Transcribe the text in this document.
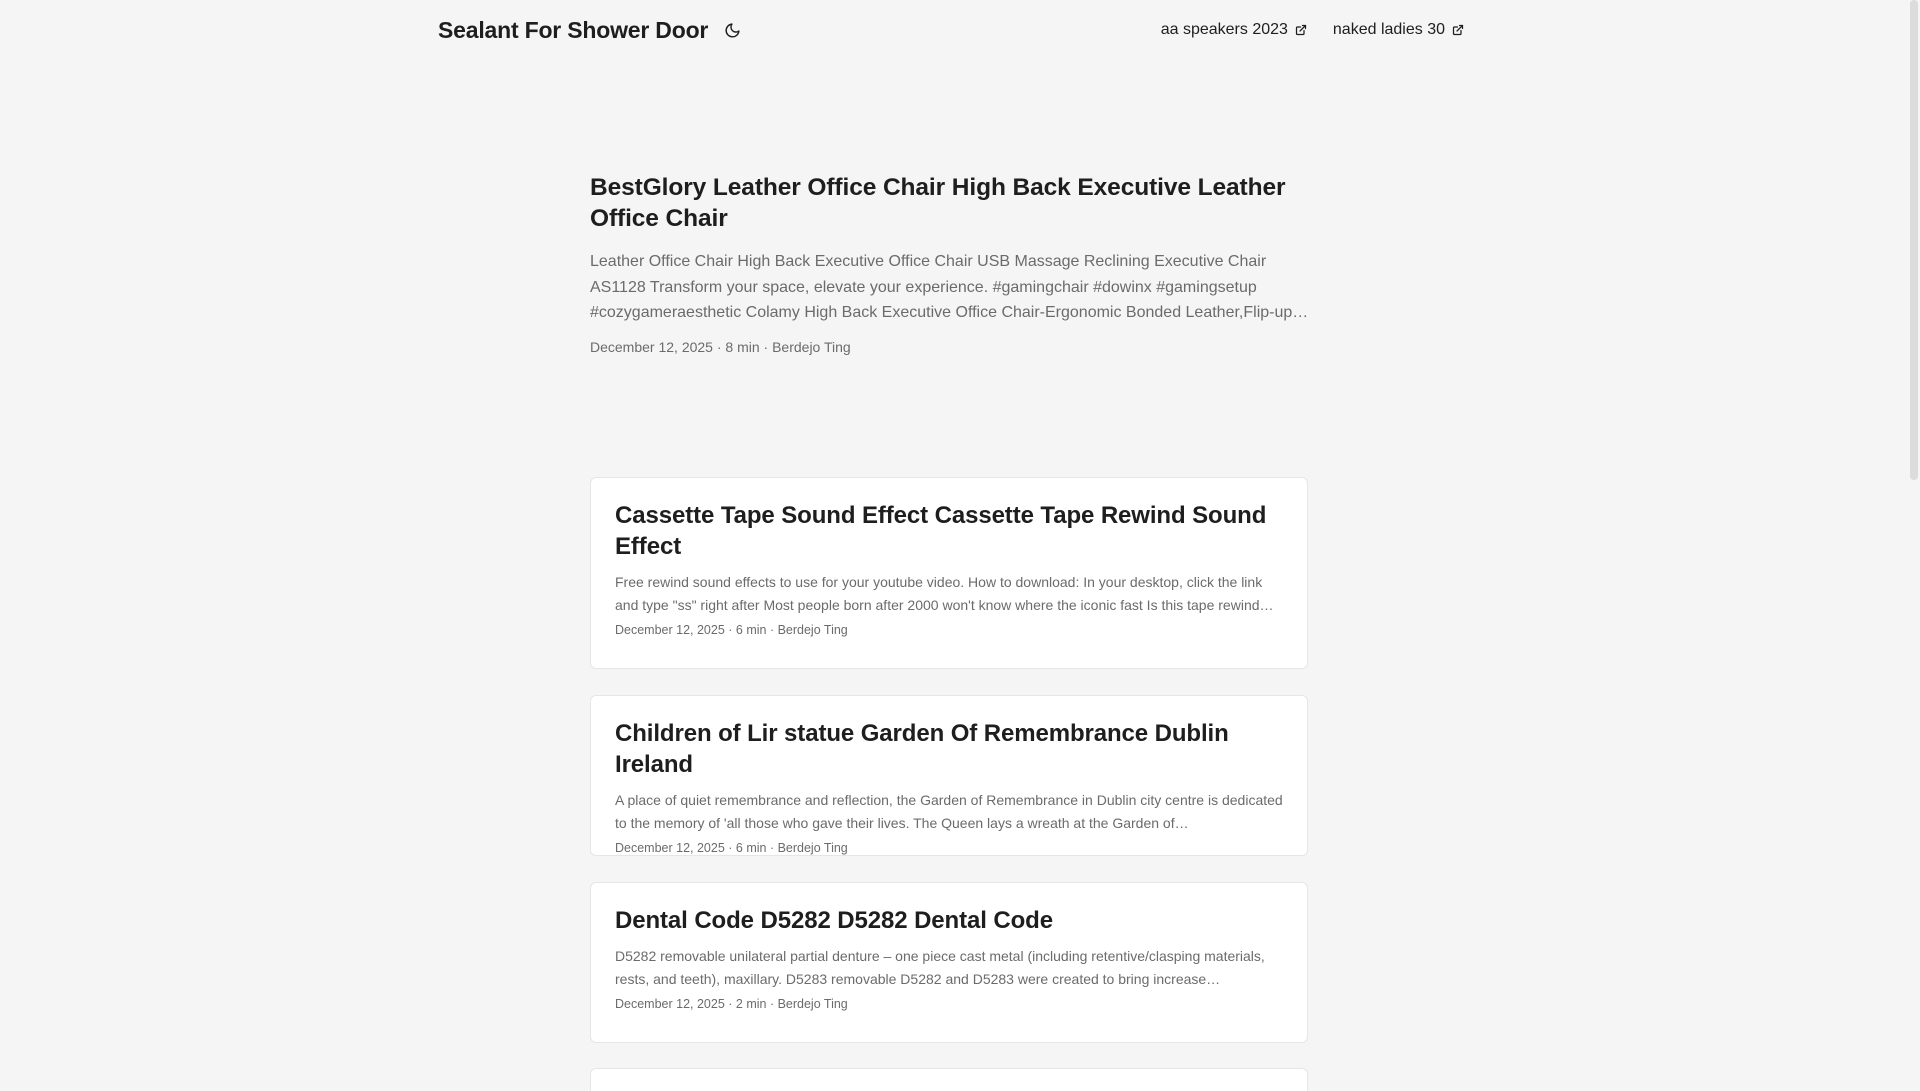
Sealant For Shower Door	aa speakers 2023	naked ladies 30
BestGlory Leather Office Chair High Back Executive Leather Office Chair
Leather Office Chair High Back Executive Office Chair USB Massage Reclining Executive Chair AS1128 Transform your space, elevate your experience. #gamingchair #dowinx #gamingsetup #cozygameraesthetic Colamy High Back Executive Office Chair-Ergonomic Bonded Leather,Flip-up…
December 12, 2025 · 8 min · Berdejo Ting
Cassette Tape Sound Effect Cassette Tape Rewind Sound Effect
Free rewind sound effects to use for your youtube video. How to download: In your desktop, click the link and type "ss" right after Most people born after 2000 won't know where the iconic fast Is this tape rewind…
December 12, 2025 · 6 min · Berdejo Ting
Children of Lir statue Garden Of Remembrance Dublin Ireland
A place of quiet remembrance and reflection, the Garden of Remembrance in Dublin city centre is dedicated to the memory of 'all those who gave their lives. The Queen lays a wreath at the Garden of
December 12, 2025 · 6 min · Berdejo Ting
Dental Code D5282 D5282 Dental Code
D5282 removable unilateral partial denture – one piece cast metal (including retentive/clasping materials, rests, and teeth), maxillary. D5283 removable D5282 and D5283 were created to bring increase
December 12, 2025 · 2 min · Berdejo Ting
